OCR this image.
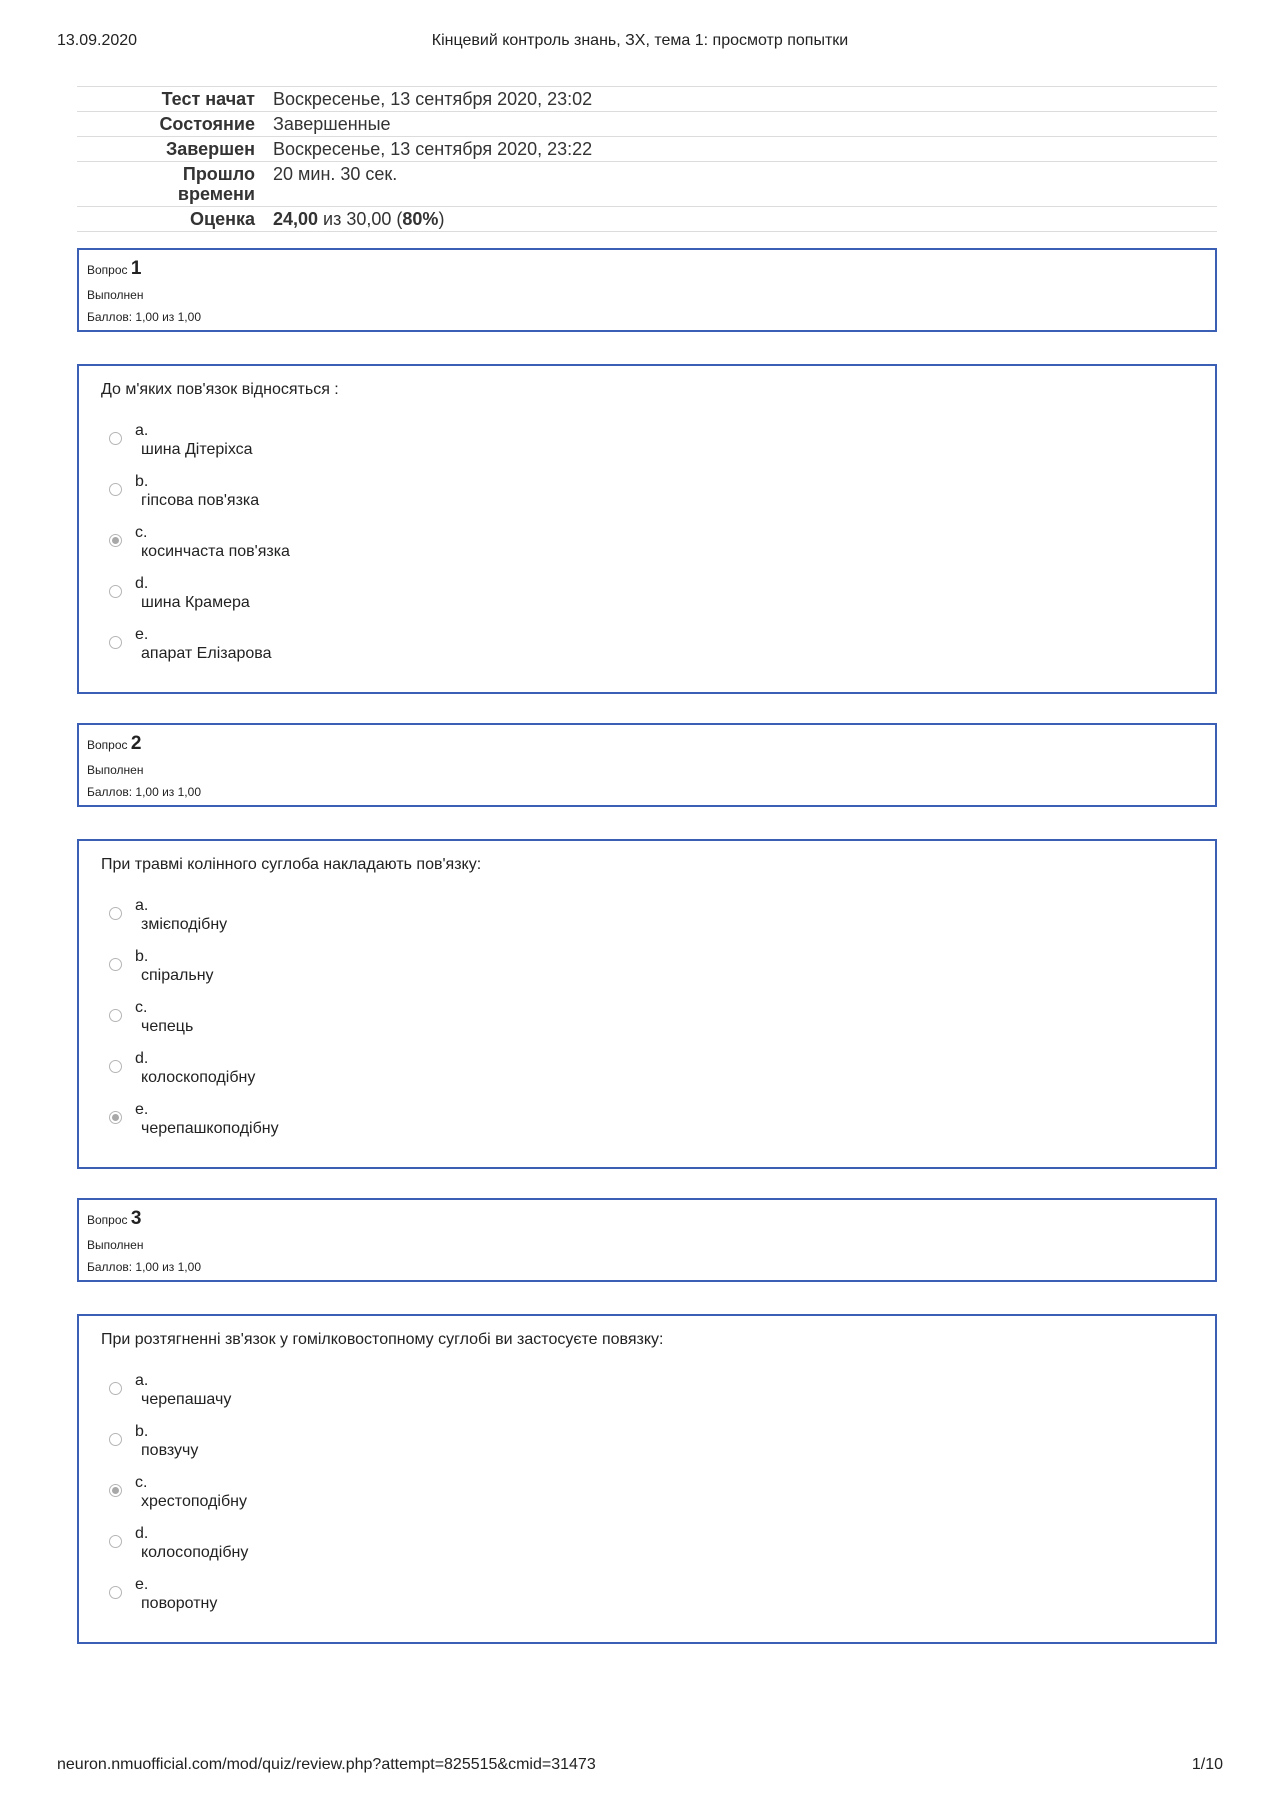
13.09.2020	Кінцевий контроль знань, ЗХ, тема 1: просмотр попытки
Тест начат	Воскресенье, 13 сентября 2020, 23:02
Состояние	Завершенные
Завершен	Воскресенье, 13 сентября 2020, 23:22
Прошло
времени	20 мин. 30 сек.
Оценка	24,00 из 30,00 (80%)
Вопрос 1
Выполнен
Баллов: 1,00 из 1,00
До м'яких пов'язок відносяться :
a.
шина Дітеріхса
b.
гіпсова пов'язка
c.
косинчаста пов'язка
d.
шина Крамера
e.
апарат Елізарова
Вопрос 2
Выполнен
Баллов: 1,00 из 1,00
При травмі колінного суглоба накладають пов'язку:
a.
змієподібну
b.
спіральну
c.
чепець
d.
колоскоподібну
e.
черепашкоподібну
Вопрос 3
Выполнен
Баллов: 1,00 из 1,00
При розтягненні зв'язок у гомілковостопному суглобі ви застосуєте повязку:
a.
черепашачу
b.
повзучу
c.
хрестоподібну
d.
колосоподібну
e.
поворотну
neuron.nmuofficial.com/mod/quiz/review.php?attempt=825515&cmid=31473	1/10
